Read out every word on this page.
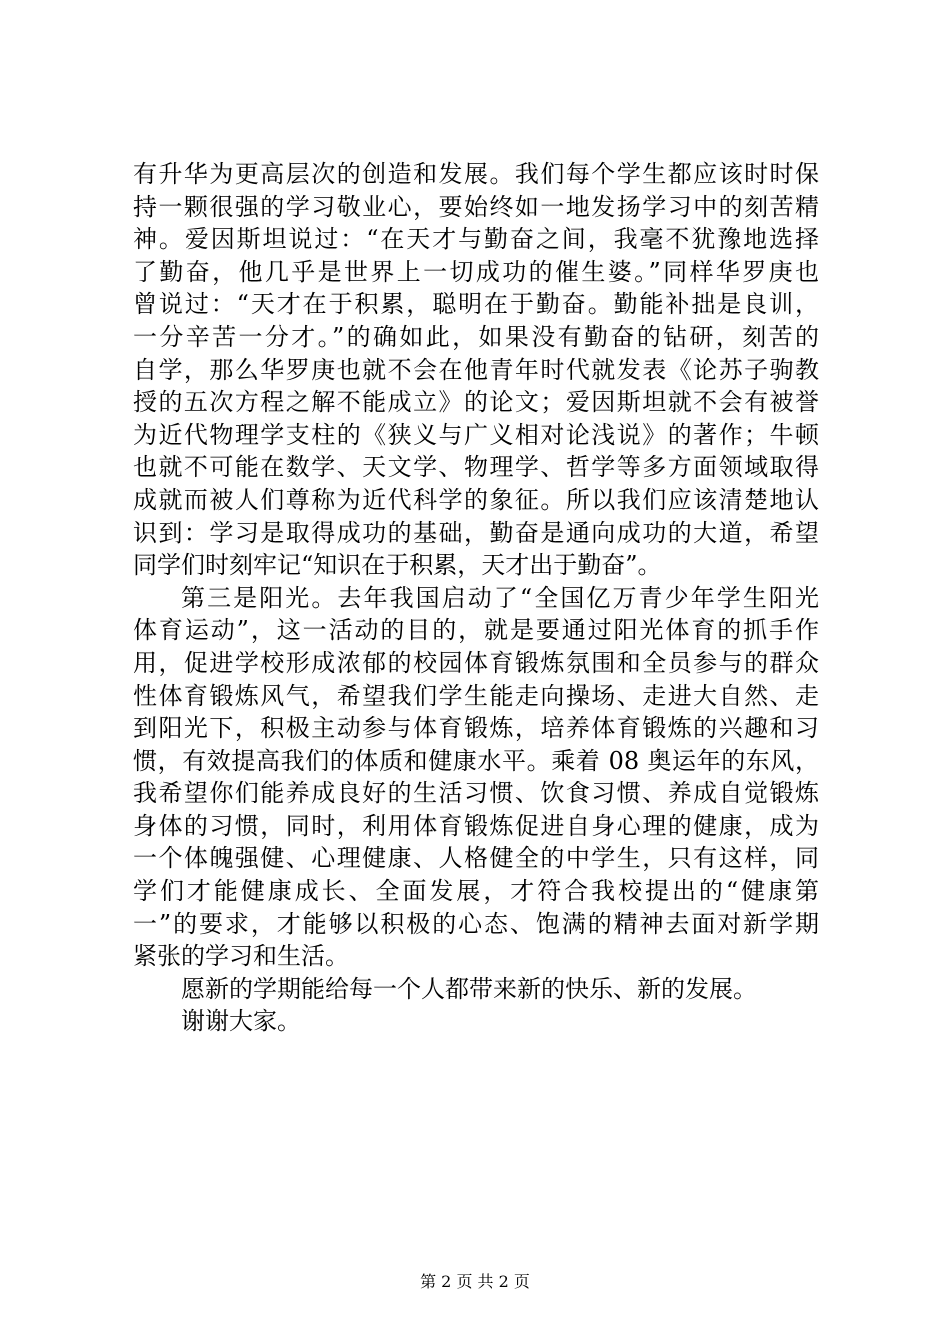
有升华为更高层次的创造和发展。我们每个学生都应该时时保
持一颗很强的学习敬业心，要始终如一地发扬学习中的刻苦精
神。爱因斯坦说过：“在天才与勤奋之间，我毫不犹豫地选择
了勤奋，他几乎是世界上一切成功的催生婆。”同样华罗庚也
曾说过：“天才在于积累，聪明在于勤奋。勤能补拙是良训，
一分辛苦一分才。”的确如此，如果没有勤奋的钻研，刻苦的
自学，那么华罗庚也就不会在他青年时代就发表《论苏子驹教
授的五次方程之解不能成立》的论文；爱因斯坦就不会有被誉
为近代物理学支柱的《狭义与广义相对论浅说》的著作；牛顿
也就不可能在数学、天文学、物理学、哲学等多方面领域取得
成就而被人们尊称为近代科学的象征。所以我们应该清楚地认
识到：学习是取得成功的基础，勤奋是通向成功的大道，希望
同学们时刻牢记“知识在于积累，天才出于勤奋”。
第三是阳光。去年我国启动了“全国亿万青少年学生阳光
体育运动”，这一活动的目的，就是要通过阳光体育的抓手作
用，促进学校形成浓郁的校园体育锻炼氛围和全员参与的群众
性体育锻炼风气，希望我们学生能走向操场、走进大自然、走
到阳光下，积极主动参与体育锻炼，培养体育锻炼的兴趣和习
惯，有效提高我们的体质和健康水平。乘着 08 奥运年的东风，
我希望你们能养成良好的生活习惯、饮食习惯、养成自觉锻炼
身体的习惯，同时，利用体育锻炼促进自身心理的健康，成为
一个体魄强健、心理健康、人格健全的中学生，只有这样，同
学们才能健康成长、全面发展，才符合我校提出的“健康第
一”的要求，才能够以积极的心态、饱满的精神去面对新学期
紧张的学习和生活。
愿新的学期能给每一个人都带来新的快乐、新的发展。
谢谢大家。
第 2 页 共 2 页
